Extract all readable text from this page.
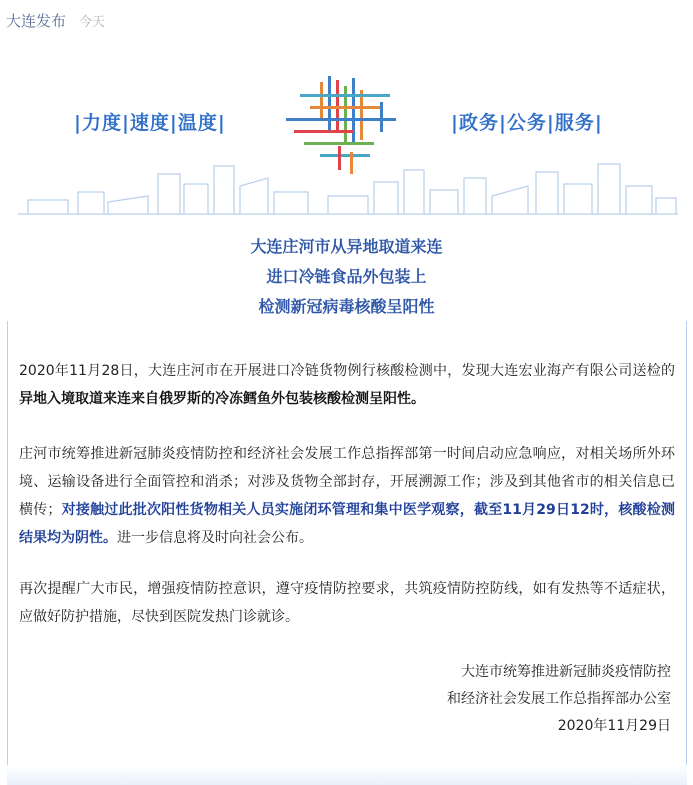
大连发布 今天
|力度|速度|温度|	|政务|公务|服务|
大连庄河市从异地取道来连
进口冷链食品外包装上
检测新冠病毒核酸呈阳性
2020年11月28日，大连庄河市在开展进口冷链货物例行核酸检测中，发现大连宏业海产有限公司送检的异地入境取道来连来自俄罗斯的冷冻鳕鱼外包装核酸检测呈阳性。
庄河市统筹推进新冠肺炎疫情防控和经济社会发展工作总指挥部第一时间启动应急响应，对相关场所外环境、运输设备进行全面管控和消杀；对涉及货物全部封存，开展溯源工作；涉及到其他省市的相关信息已横传；对接触过此批次阳性货物相关人员实施闭环管理和集中医学观察，截至11月29日12时，核酸检测结果均为阴性。进一步信息将及时向社会公布。
再次提醒广大市民，增强疫情防控意识，遵守疫情防控要求，共筑疫情防控防线，如有发热等不适症状，应做好防护措施，尽快到医院发热门诊就诊。
大连市统筹推进新冠肺炎疫情防控
和经济社会发展工作总指挥部办公室
2020年11月29日
